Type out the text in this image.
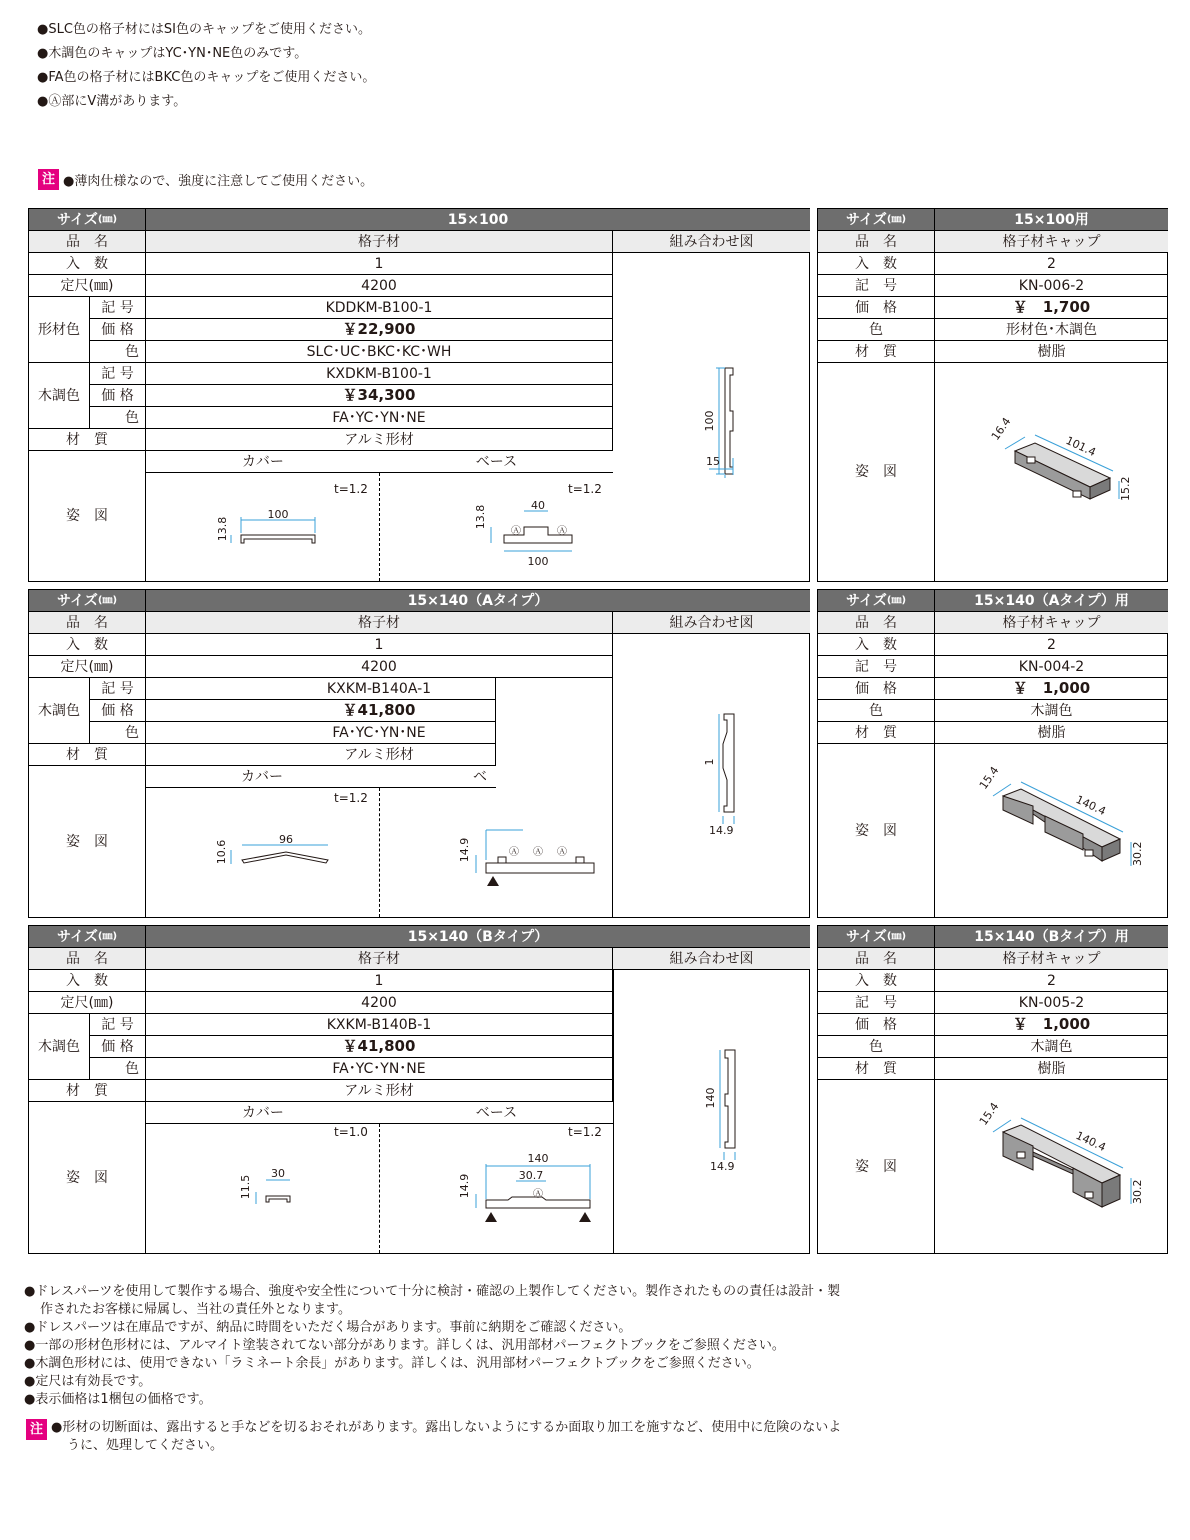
●SLC色の格子材にはSI色のキャップをご使用ください。
●木調色のキャップはYC･YN･NE色のみです。
●FA色の格子材にはBKC色のキャップをご使用ください。
●Ⓐ部にV溝があります。
注 ●薄肉仕様なので、強度に注意してご使用ください。
サイズ (㎜)	15×100
品　名	格子材	組み合わせ図
入　数	1
定尺 (㎜)	4200
形材色
記 号	KDDKM-B100-1
価 格	￥22,900
色	SLC･UC･BKC･KC･WH
木調色
記 号	KXDKM-B100-1
価 格	￥34,300
色	FA･YC･YN･NE
材　質	アルミ形材
100
15
姿　図
カバー	ベース
t=1.2	t=1.2
100
13.8
40
100
13.8
Ⓐ	Ⓐ
サイズ (㎜)	15×100用
品　名	格子材キャップ
入　数	2
記　号	KN-006-2
価　格	￥　1,700
色	形材色･木調色
材　質	樹脂
姿　図
16.4
101.4
15.2
サイズ (㎜)	15×140（Aタイプ）
品　名	格子材	組み合わせ図
入　数	1
定尺 (㎜)	4200
木調色
記 号	KXKM-B140A-1
価 格	￥41,800
色	FA･YC･YN･NE
材　質	アルミ形材
姿　図
カバー	ベ
t=1.2
96
10.6	14.9	Ⓐ Ⓐ Ⓐ
1
14.9
サイズ (㎜)	15×140（Aタイプ）用
品　名	格子材キャップ
入　数	2
記　号	KN-004-2
価　格	￥　1,000
色	木調色
材　質	樹脂
姿　図
15.4
140.4
30.2
サイズ (㎜)	15×140（Bタイプ）
品　名	格子材	組み合わせ図
入　数	1
定尺 (㎜)	4200
木調色
記 号	KXKM-B140B-1
価 格	￥41,800
色	FA･YC･YN･NE
材　質	アルミ形材
姿　図
カバー	ベース
t=1.0	t=1.2
30
11.5
140
30.7
14.9	Ⓐ
140
14.9
サイズ (㎜)	15×140（Bタイプ）用
品　名	格子材キャップ
入　数	2
記　号	KN-005-2
価　格	￥　1,000
色	木調色
材　質	樹脂
姿　図
15.4
140.4
30.2
●ドレスパーツを使用して製作する場合、強度や安全性について十分に検討・確認の上製作してください。製作されたものの責任は設計・製
作されたお客様に帰属し、当社の責任外となります。
●ドレスパーツは在庫品ですが、納品に時間をいただく場合があります。事前に納期をご確認ください。
●一部の形材色形材には、アルマイト塗装されてない部分があります。詳しくは、汎用部材パーフェクトブックをご参照ください。
●木調色形材には、使用できない「ラミネート余長」があります。詳しくは、汎用部材パーフェクトブックをご参照ください。
●定尺は有効長です。
●表示価格は1梱包の価格です。
注 ●形材の切断面は、露出すると手などを切るおそれがあります。露出しないようにするか面取り加工を施すなど、使用中に危険のないよ
うに、処理してください。
